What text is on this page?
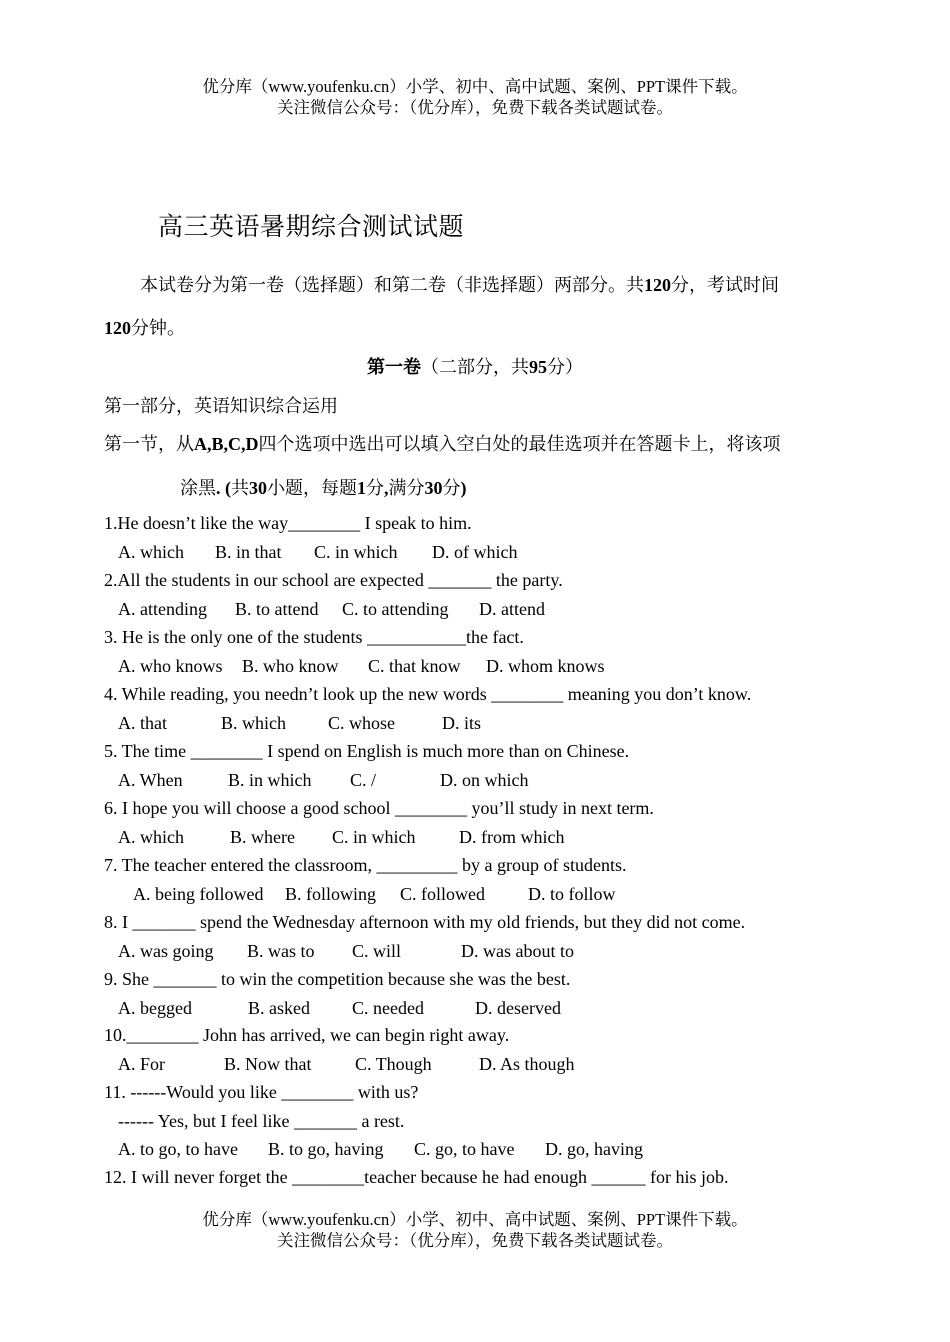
优分库（www.youfenku.cn）小学、初中、高中试题、案例、PPT课件下载。
关注微信公众号：（优分库），免费下载各类试题试卷。
高三英语暑期综合测试试题
本试卷分为第一卷（选择题）和第二卷（非选择题）两部分。共120分，考试时间
120分钟。
第一卷（二部分，共95分）
第一部分，英语知识综合运用
第一节，从A,B,C,D四个选项中选出可以填入空白处的最佳选项并在答题卡上，将该项
涂黑. (共30小题，每题1分,满分30分)
1.He doesn’t like the way________ I speak to him.
A. which B. in that C. in which D. of which
2.All the students in our school are expected _______ the party.
A. attending B. to attend C. to attending D. attend
3. He is the only one of the students ___________the fact.
A. who knows B. who know C. that know D. whom knows
4. While reading, you needn’t look up the new words ________ meaning you don’t know.
A. that	B. which C. whose	D. its
5. The time ________ I spend on English is much more than on Chinese.
A. When	B. in which C. /	D. on which
6. I hope you will choose a good school ________ you’ll study in next term.
A. which	B. where C. in which D. from which
7. The teacher entered the classroom, _________ by a group of students.
A. being followed B. following C. followed D. to follow
8. I _______ spend the Wednesday afternoon with my old friends, but they did not come.
A. was going B. was to C. will	D. was about to
9. She _______ to win the competition because she was the best.
A. begged	B. asked C. needed	D. deserved
10.________ John has arrived, we can begin right away.
A. For	B. Now that C. Though	D. As though
11. ------Would you like ________ with us?
------ Yes, but I feel like _______ a rest.
A. to go, to have B. to go, having C. go, to have D. go, having
12. I will never forget the ________teacher because he had enough ______ for his job.
优分库（www.youfenku.cn）小学、初中、高中试题、案例、PPT课件下载。
关注微信公众号：（优分库），免费下载各类试题试卷。
